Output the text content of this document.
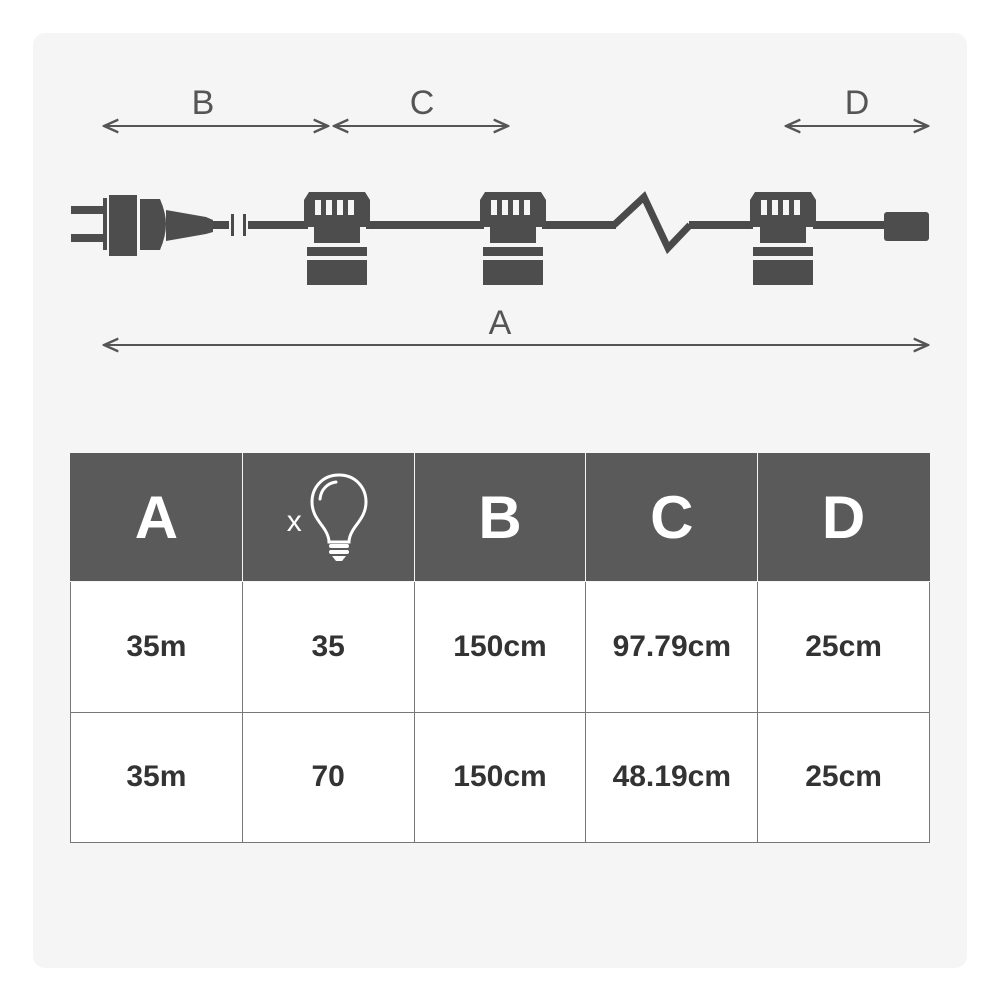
B	C	D
A
A	x	B	C	D
35m	35	150cm	97.79cm	25cm
35m	70	150cm	48.19cm	25cm
